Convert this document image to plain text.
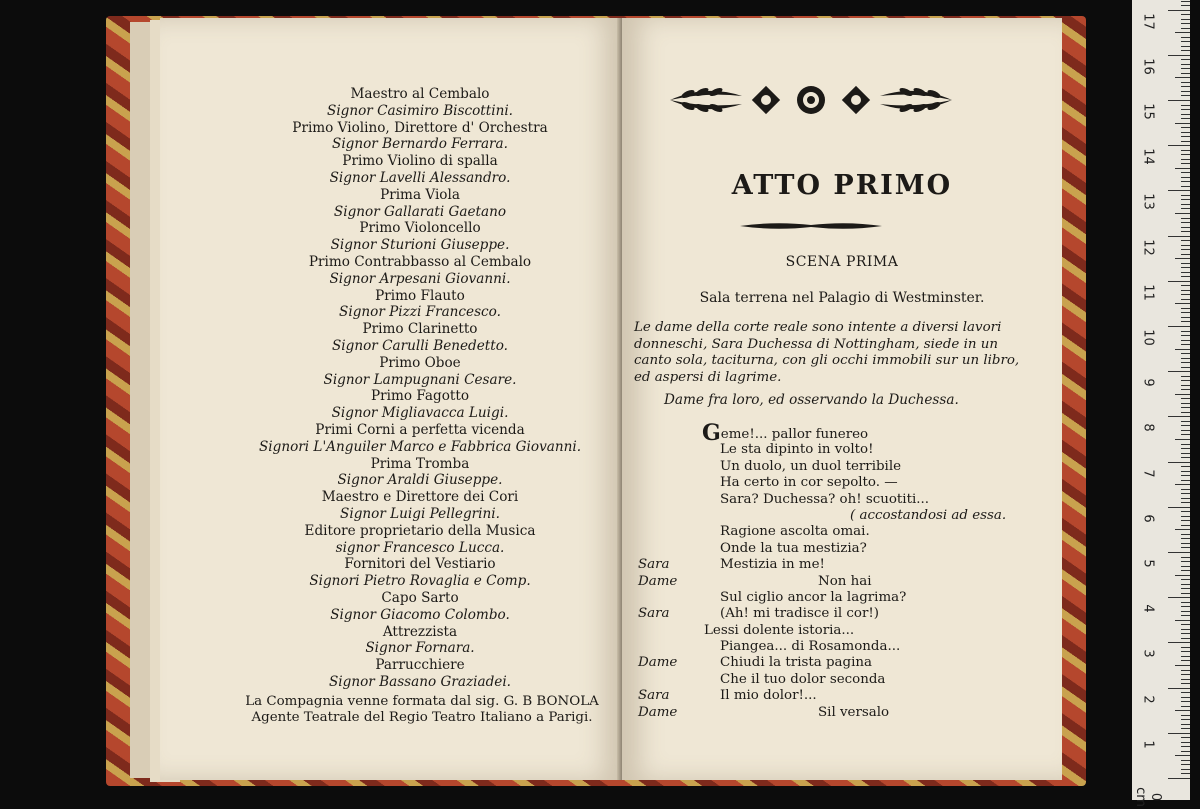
Maestro al Cembalo
Signor Casimiro Biscottini.
Primo Violino, Direttore d' Orchestra
Signor Bernardo Ferrara.
Primo Violino di spalla
Signor Lavelli Alessandro.
Prima Viola
Signor Gallarati Gaetano
Primo Violoncello
Signor Sturioni Giuseppe.
Primo Contrabbasso al Cembalo
Signor Arpesani Giovanni.
Primo Flauto
Signor Pizzi Francesco.
Primo Clarinetto
Signor Carulli Benedetto.
Primo Oboe
Signor Lampugnani Cesare.
Primo Fagotto
Signor Migliavacca Luigi.
Primi Corni a perfetta vicenda
Signori L'Anguiler Marco e Fabbrica Giovanni.
Prima Tromba
Signor Araldi Giuseppe.
Maestro e Direttore dei Cori
Signor Luigi Pellegrini.
Editore proprietario della Musica
signor Francesco Lucca.
Fornitori del Vestiario
Signori Pietro Rovaglia e Comp.
Capo Sarto
Signor Giacomo Colombo.
Attrezzista
Signor Fornara.
Parrucchiere
Signor Bassano Graziadei.
La Compagnia venne formata dal sig. G. B BONOLA
Agente Teatrale del Regio Teatro Italiano a Parigi.
ATTO PRIMO
SCENA PRIMA
Sala terrena nel Palagio di Westminster.
Le dame della corte reale sono intente a diversi lavori donneschi, Sara Duchessa di Nottingham, siede in un canto sola, taciturna, con gli occhi immobili sur un libro, ed aspersi di lagrime.
Dame fra loro, ed osservando la Duchessa.
Geme!... pallor funereo
Le sta dipinto in volto!
Un duolo, un duol terribile
Ha certo in cor sepolto. —
Sara? Duchessa? oh! scuotiti...
( accostandosi ad essa.
Ragione ascolta omai.
Onde la tua mestizia?
Sara	Mestizia in me!
Dame	Non hai
Sul ciglio ancor la lagrima?
Sara	(Ah! mi tradisce il cor!)
Lessi dolente istoria...
Piangea... di Rosamonda...
Dame	Chiudi la trista pagina
Che il tuo dolor seconda
Sara	Il mio dolor!...
Dame	Sil versalo
0 cm
1
2
3
4
5
6
7
8
9
10
11
12
13
14
15
16
17
